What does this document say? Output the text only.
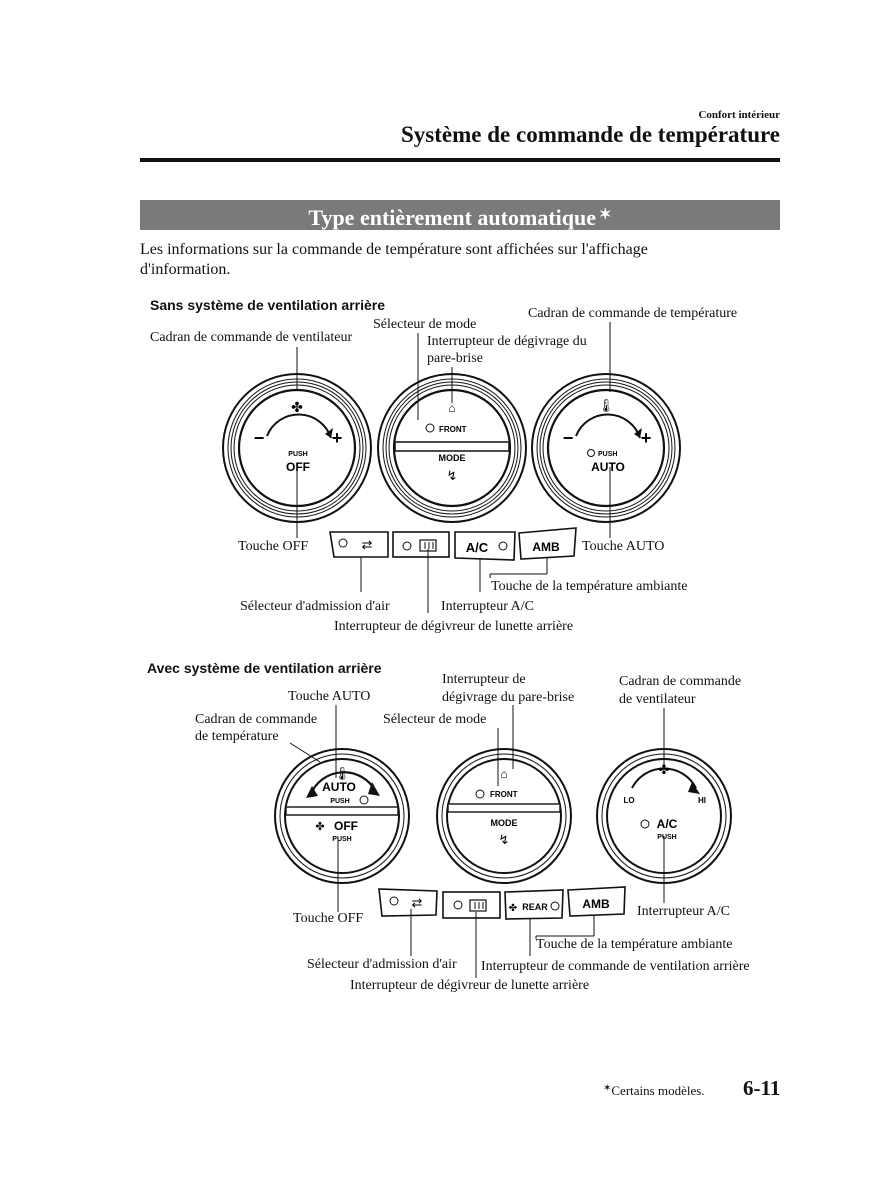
Confort intérieur
Système de commande de température
Type entièrement automatique ✶
Les informations sur la commande de température sont affichées sur l'affichage d'information.
Sans système de ventilation arrière
Cadran de commande de ventilateur
Sélecteur de mode
Cadran de commande de température
Interrupteur de dégivrage du
pare-brise
Touche OFF	Touche AUTO
Touche de la température ambiante
Sélecteur d'admission d'air	Interrupteur A/C
Interrupteur de dégivreur de lunette arrière
✤
−	+
PUSH
OFF
⌂
FRONT
MODE
↯
🌡
−	+
PUSH
AUTO
⇄	A/C	AMB
🌡
AUTO
PUSH
✤ OFF
PUSH
⌂
FRONT
MODE
↯
✤
LO	HI
A/C
PUSH
⇄	✤ REAR	AMB
Avec système de ventilation arrière
Touche AUTO
Interrupteur de
dégivrage du pare-brise
Cadran de commande
de ventilateur
Cadran de commande
de température
Sélecteur de mode
Touche OFF	Interrupteur A/C
Touche de la température ambiante
Sélecteur d'admission d'air Interrupteur de commande de ventilation arrière
Interrupteur de dégivreur de lunette arrière
✶Certains modèles. 6-11
